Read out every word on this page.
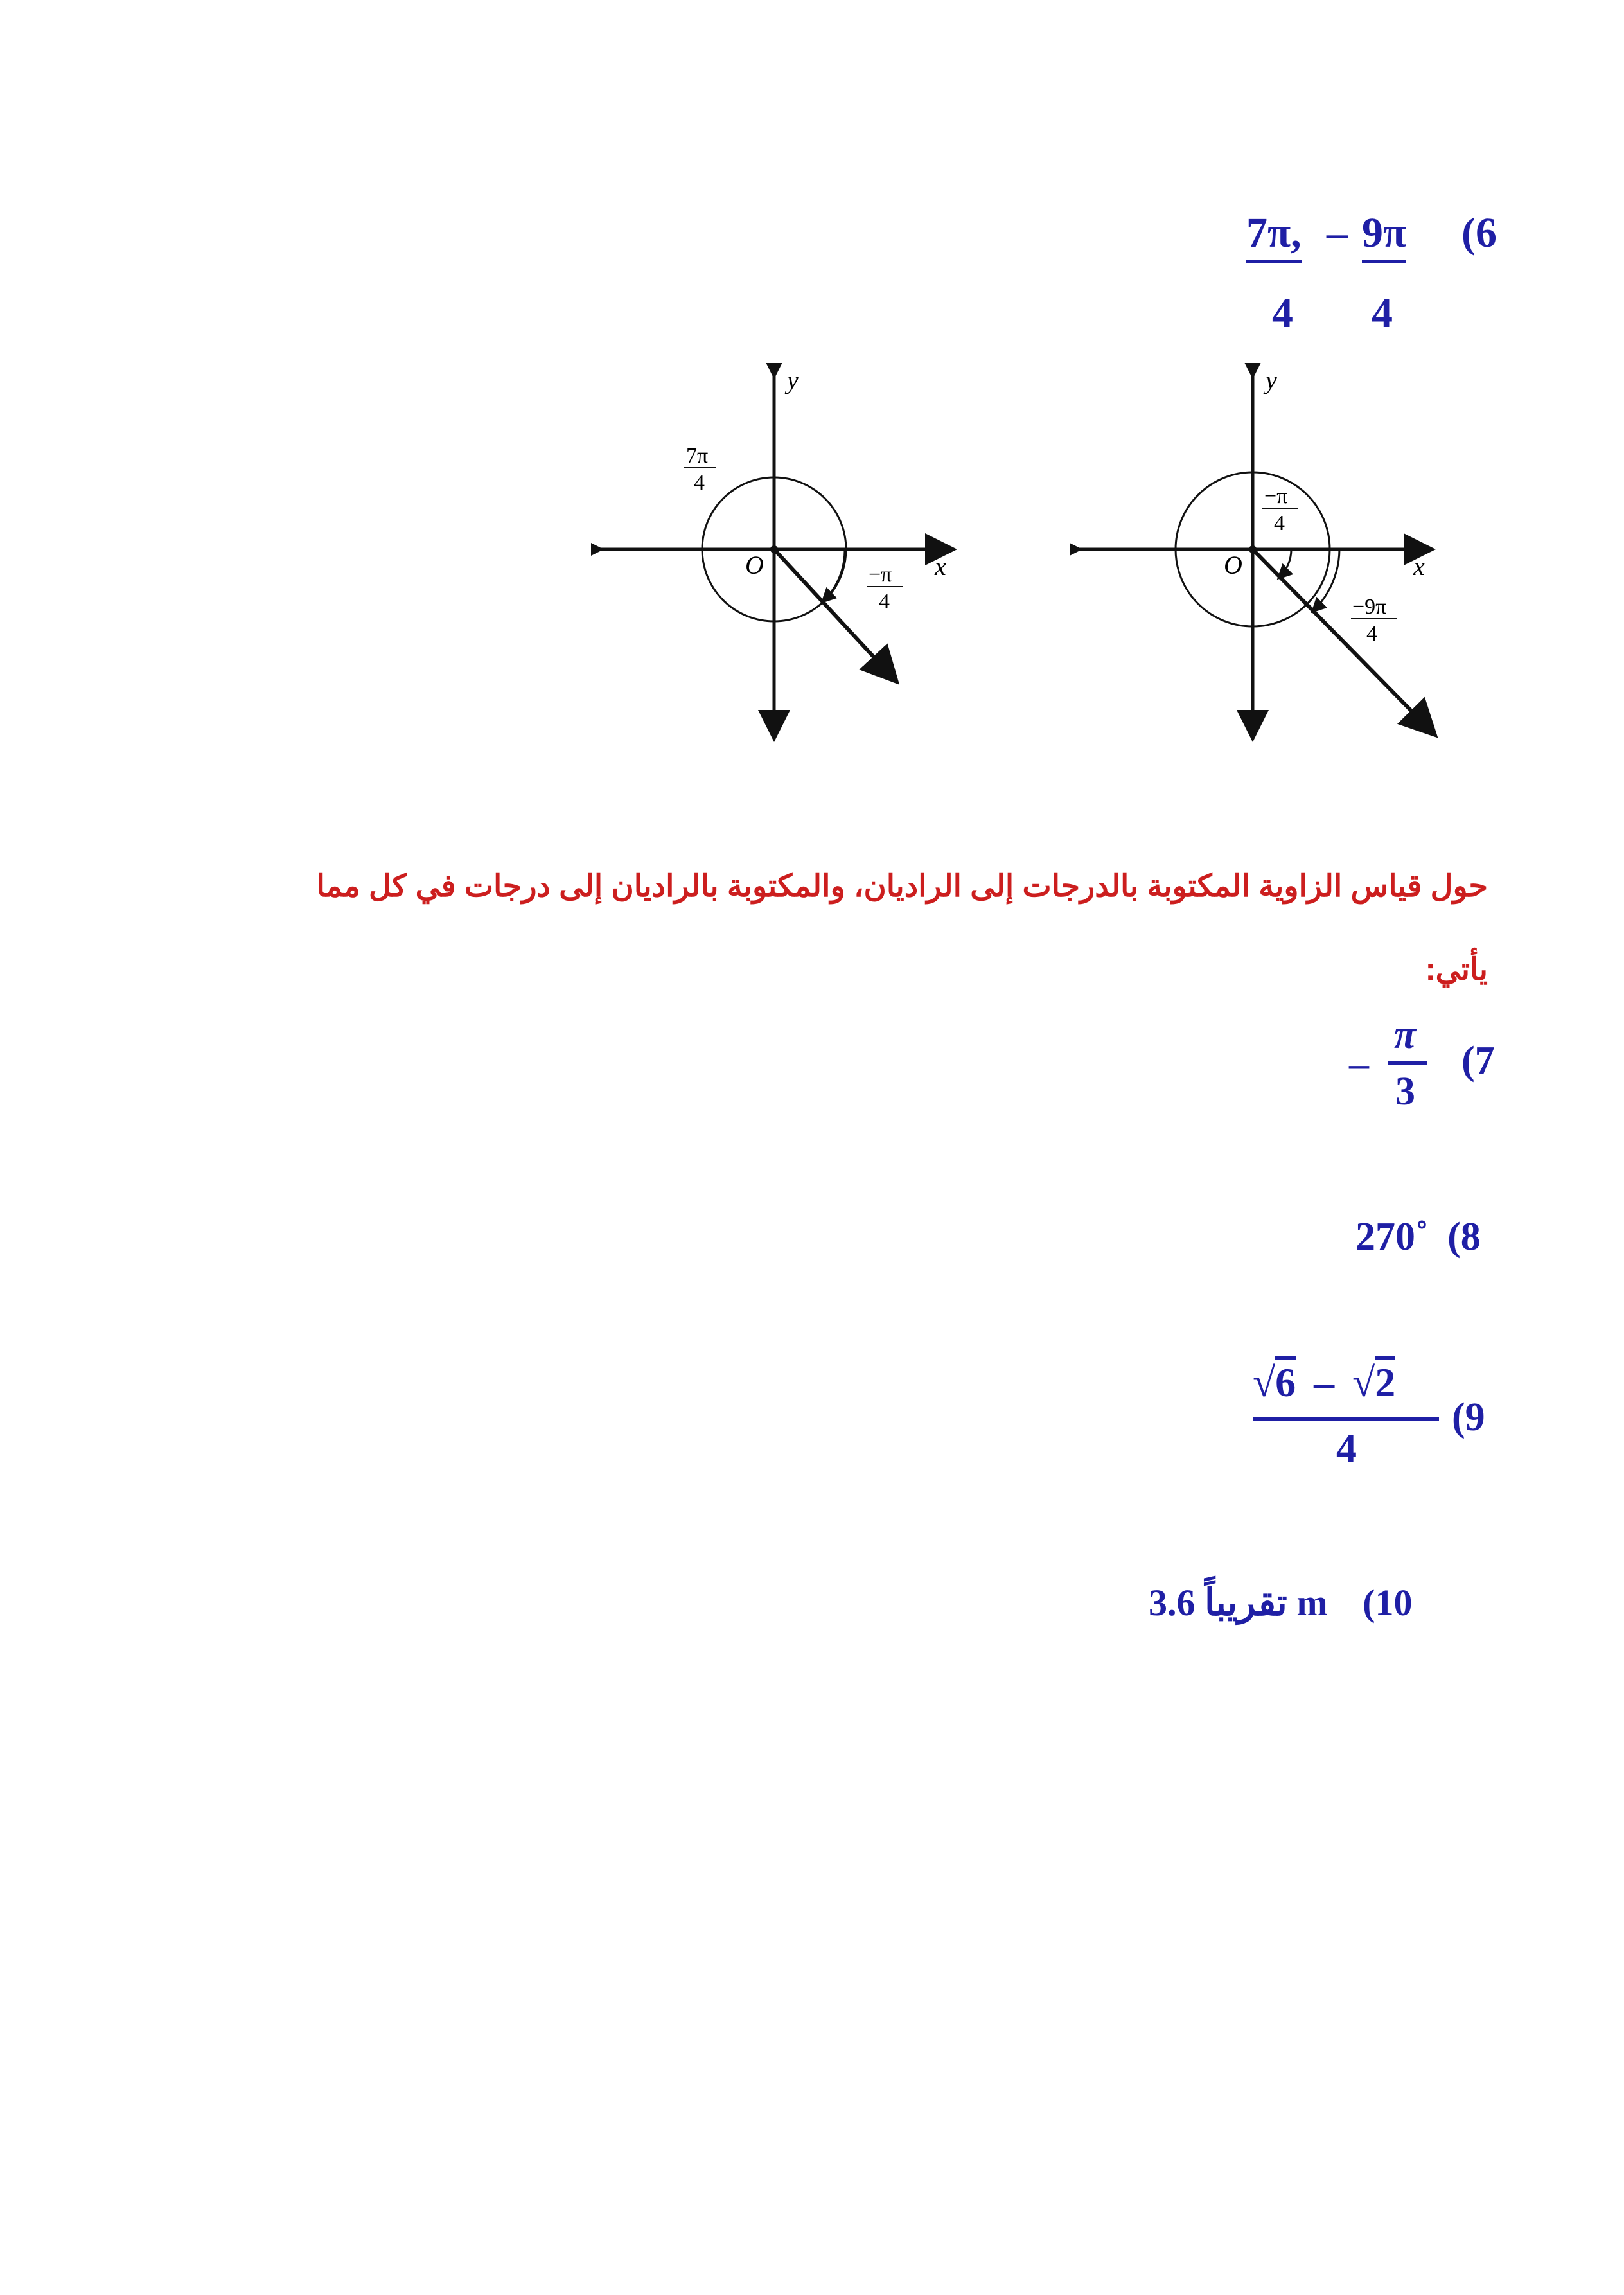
7π, – 9π (6
4 4
y
x
O
7π
4
−π
4
y
x
O
−π
4
−9π
4
حول قياس الزاوية المكتوبة بالدرجات إلى الراديان، والمكتوبة بالراديان إلى درجات في كل مما
يأتي:
–
π
3
(7
270˚ (8
√6 – √2
4
(9
تقريباً 3.6 m (10
